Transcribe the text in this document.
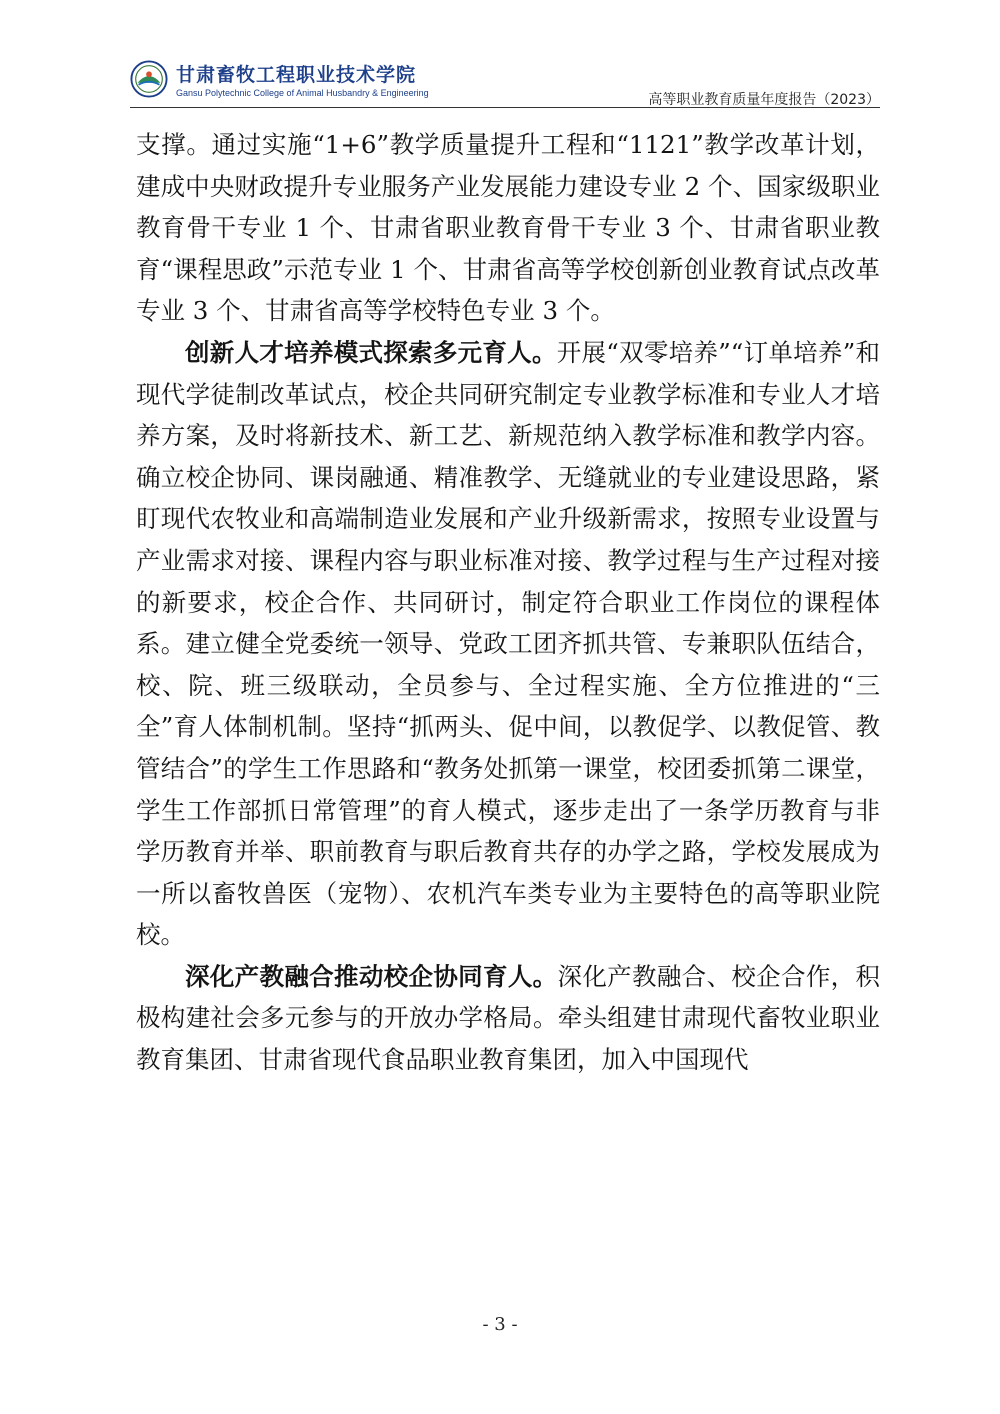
甘肃畜牧工程职业技术学院
Gansu Polytechnic College of Animal Husbandry & Engineering	高等职业教育质量年度报告（2023）

支撑。通过实施“1+6”教学质量提升工程和“1121”教学改革计划，建成中央财政提升专业服务产业发展能力建设专业 2 个、国家级职业教育骨干专业 1 个、甘肃省职业教育骨干专业 3 个、甘肃省职业教育“课程思政”示范专业 1 个、甘肃省高等学校创新创业教育试点改革专业 3 个、甘肃省高等学校特色专业 3 个。

创新人才培养模式探索多元育人。开展“双零培养”“订单培养”和现代学徒制改革试点，校企共同研究制定专业教学标准和专业人才培养方案，及时将新技术、新工艺、新规范纳入教学标准和教学内容。确立校企协同、课岗融通、精准教学、无缝就业的专业建设思路，紧盯现代农牧业和高端制造业发展和产业升级新需求，按照专业设置与产业需求对接、课程内容与职业标准对接、教学过程与生产过程对接的新要求，校企合作、共同研讨，制定符合职业工作岗位的课程体系。建立健全党委统一领导、党政工团齐抓共管、专兼职队伍结合，校、院、班三级联动，全员参与、全过程实施、全方位推进的“三全”育人体制机制。坚持“抓两头、促中间，以教促学、以教促管、教管结合”的学生工作思路和“教务处抓第一课堂，校团委抓第二课堂，学生工作部抓日常管理”的育人模式，逐步走出了一条学历教育与非学历教育并举、职前教育与职后教育共存的办学之路，学校发展成为一所以畜牧兽医（宠物）、农机汽车类专业为主要特色的高等职业院校。

深化产教融合推动校企协同育人。深化产教融合、校企合作，积极构建社会多元参与的开放办学格局。牵头组建甘肃现代畜牧业职业教育集团、甘肃省现代食品职业教育集团，加入中国现代

- 3 -
